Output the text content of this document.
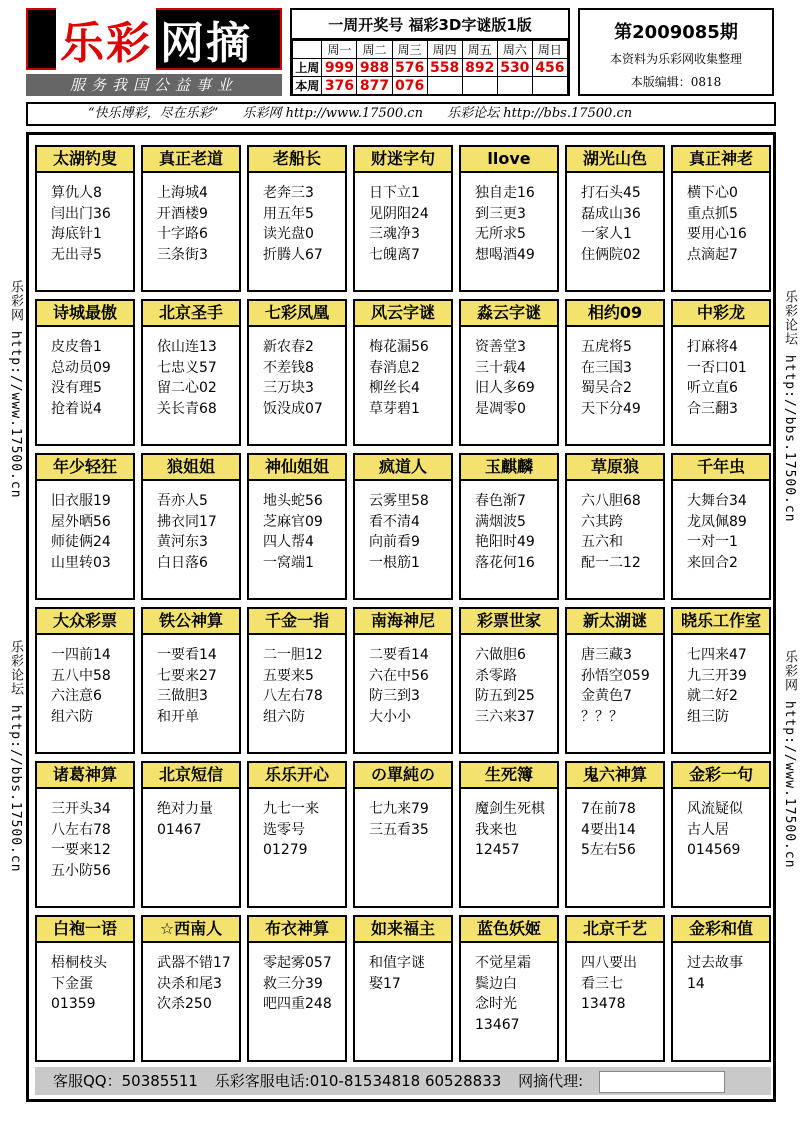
乐彩 网摘
服务我国公益事业
一周开奖号 福彩3D字谜版1版
	周一	周二	周三	周四	周五	周六	周日
上周	999	988	576	558	892	530	456
本周	376	877	076				
第2009085期
本资料为乐彩网收集整理
本版编辑：0818
“快乐博彩，尽在乐彩” 乐彩网 http://www.17500.cn 乐彩论坛 http://bbs.17500.cn
乐彩网 http://www.17500.cn
乐彩论坛 http://bbs.17500.cn
乐彩论坛 http://bbs.17500.cn
乐彩网 http://www.17500.cn
太湖钓叟
算仇人8
闫出门36
海底针1
无出寻5
真正老道
上海城4
开酒楼9
十字路6
三条街3
老船长
老奔三3
用五年5
读光盘0
折腾人67
财迷字句
日下立1
见阴阳24
三魂净3
七魄离7
llove
独自走16
到三更3
无所求5
想喝酒49
湖光山色
打石头45
磊成山36
一家人1
住俩院02
真正神老
横下心0
重点抓5
要用心16
点滴起7
诗城最傲
皮皮鲁1
总动员09
没有理5
抢着说4
北京圣手
依山连13
七忠义57
留二心02
关长青68
七彩凤凰
新农春2
不差钱8
三万块3
饭没成07
风云字谜
梅花漏56
春消息2
柳丝长4
草芽碧1
淼云字谜
资善堂3
三十载4
旧人多69
是凋零0
相约09
五虎将5
在三国3
蜀吴合2
天下分49
中彩龙
打麻将4
一否口01
听立直6
合三翻3
年少轻狂
旧衣服19
屋外晒56
师徒俩24
山里转03
狼姐姐
吾亦人5
拂衣同17
黄河东3
白日落6
神仙姐姐
地头蛇56
芝麻官09
四人帮4
一窝端1
疯道人
云雾里58
看不清4
向前看9
一根筋1
玉麒麟
春色渐7
满烟波5
艳阳时49
落花何16
草原狼
六八胆68
六其跨
五六和
配一二12
千年虫
大舞台34
龙凤佩89
一对一1
来回合2
大众彩票
一四前14
五八中58
六注意6
组六防
铁公神算
一要看14
七要来27
三做胆3
和开单
千金一指
二一胆12
五要来5
八左右78
组六防
南海神尼
二要看14
六在中56
防三到3
大小小
彩票世家
六做胆6
杀零路
防五到25
三六来37
新太湖谜
唐三藏3
孙悟空059
金黄色7
？？？
晓乐工作室
七四来47
九三开39
就二好2
组三防
诸葛神算
三开头34
八左右78
一要来12
五小防56
北京短信
绝对力量
01467
乐乐开心
九七一来
选零号
01279
の單純の
七九来79
三五看35
生死簿
魔剑生死棋
我来也
12457
鬼六神算
7在前78
4要出14
5左右56
金彩一句
风流疑似
古人居
014569
白袍一语
梧桐枝头
下金蛋
01359
☆西南人
武器不错17
决杀和尾3
次杀250
布衣神算
零起雾057
救三分39
吧四重248
如来福主
和值字谜
娶17
蓝色妖姬
不觉星霜
鬓边白
念时光
13467
北京千艺
四八要出
看三七
13478
金彩和值
过去故事
14
客服QQ：50385511 乐彩客服电话:010-81534818 60528833 网摘代理:
